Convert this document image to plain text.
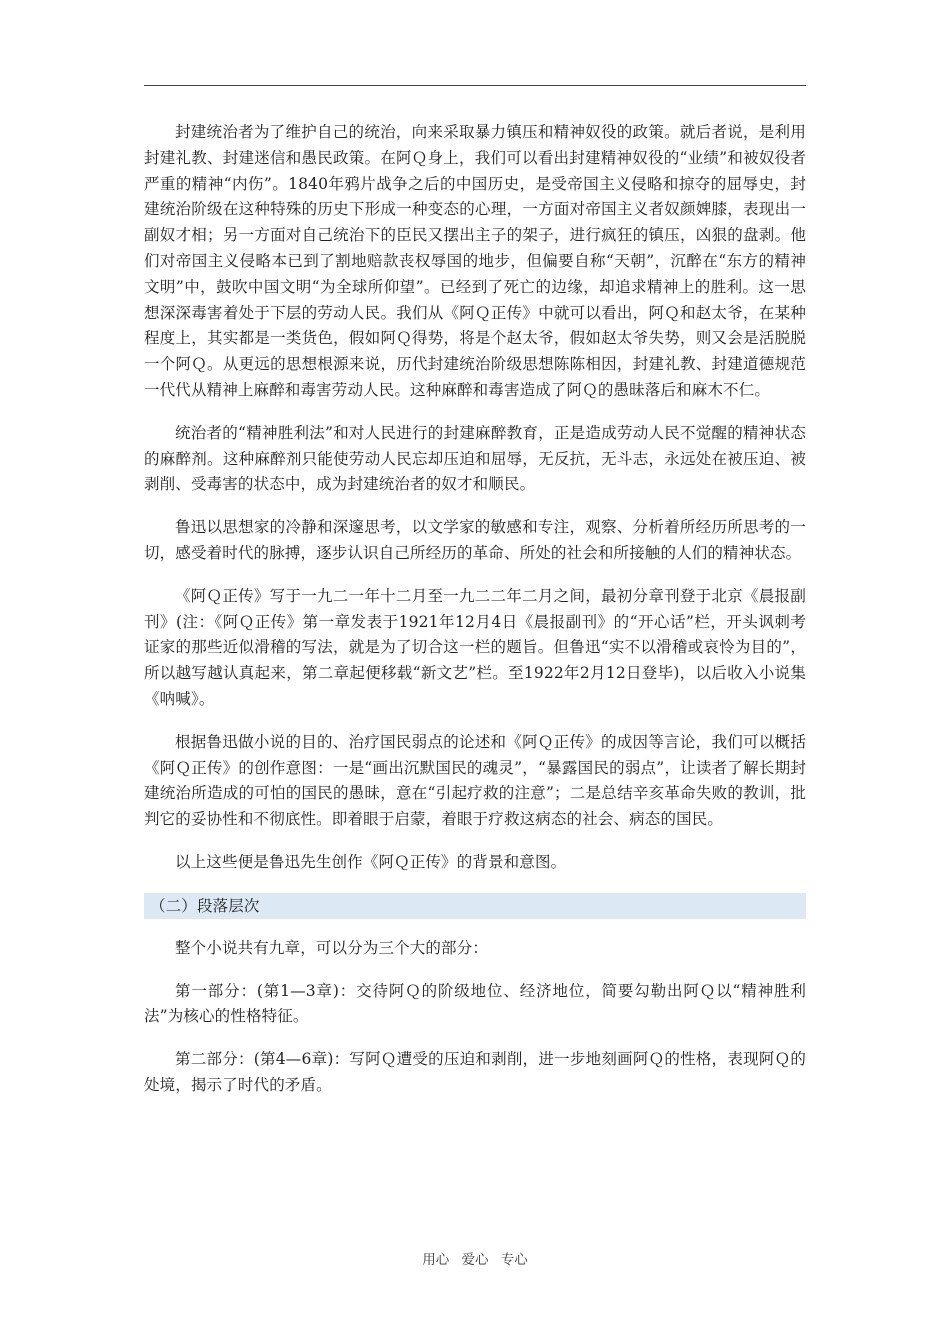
封建统治者为了维护自己的统治，向来采取暴力镇压和精神奴役的政策。就后者说，是利用封建礼教、封建迷信和愚民政策。在阿Ｑ身上，我们可以看出封建精神奴役的“业绩”和被奴役者严重的精神“内伤”。1840年鸦片战争之后的中国历史，是受帝国主义侵略和掠夺的屈辱史，封建统治阶级在这种特殊的历史下形成一种变态的心理，一方面对帝国主义者奴颜婢膝，表现出一副奴才相；另一方面对自己统治下的臣民又摆出主子的架子，进行疯狂的镇压，凶狠的盘剥。他们对帝国主义侵略本已到了割地赔款丧权辱国的地步，但偏要自称“天朝”，沉醉在“东方的精神文明”中，鼓吹中国文明“为全球所仰望”。已经到了死亡的边缘，却追求精神上的胜利。这一思想深深毒害着处于下层的劳动人民。我们从《阿Ｑ正传》中就可以看出，阿Ｑ和赵太爷，在某种程度上，其实都是一类货色，假如阿Ｑ得势，将是个赵太爷，假如赵太爷失势，则又会是活脱脱一个阿Ｑ。从更远的思想根源来说，历代封建统治阶级思想陈陈相因，封建礼教、封建道德规范一代代从精神上麻醉和毒害劳动人民。这种麻醉和毒害造成了阿Ｑ的愚昧落后和麻木不仁。

统治者的“精神胜利法”和对人民进行的封建麻醉教育，正是造成劳动人民不觉醒的精神状态的麻醉剂。这种麻醉剂只能使劳动人民忘却压迫和屈辱，无反抗，无斗志，永远处在被压迫、被剥削、受毒害的状态中，成为封建统治者的奴才和顺民。

鲁迅以思想家的冷静和深邃思考，以文学家的敏感和专注，观察、分析着所经历所思考的一切，感受着时代的脉搏，逐步认识自己所经历的革命、所处的社会和所接触的人们的精神状态。

《阿Ｑ正传》写于一九二一年十二月至一九二二年二月之间，最初分章刊登于北京《晨报副刊》(注：《阿Ｑ正传》第一章发表于1921年12月4日《晨报副刊》的“开心话”栏，开头讽刺考证家的那些近似滑稽的写法，就是为了切合这一栏的题旨。但鲁迅“实不以滑稽或哀怜为目的”，所以越写越认真起来，第二章起便移载“新文艺”栏。至1922年2月12日登毕)，以后收入小说集《呐喊》。

根据鲁迅做小说的目的、治疗国民弱点的论述和《阿Ｑ正传》的成因等言论，我们可以概括《阿Ｑ正传》的创作意图：一是“画出沉默国民的魂灵”，“暴露国民的弱点”，让读者了解长期封建统治所造成的可怕的国民的愚昧，意在“引起疗救的注意”；二是总结辛亥革命失败的教训，批判它的妥协性和不彻底性。即着眼于启蒙，着眼于疗救这病态的社会、病态的国民。

以上这些便是鲁迅先生创作《阿Ｑ正传》的背景和意图。

（二）段落层次

整个小说共有九章，可以分为三个大的部分：

第一部分：(第1—3章)：交待阿Ｑ的阶级地位、经济地位，简要勾勒出阿Ｑ以“精神胜利法”为核心的性格特征。

第二部分：(第4—6章)：写阿Ｑ遭受的压迫和剥削，进一步地刻画阿Ｑ的性格，表现阿Ｑ的处境，揭示了时代的矛盾。

用心 爱心 专心
